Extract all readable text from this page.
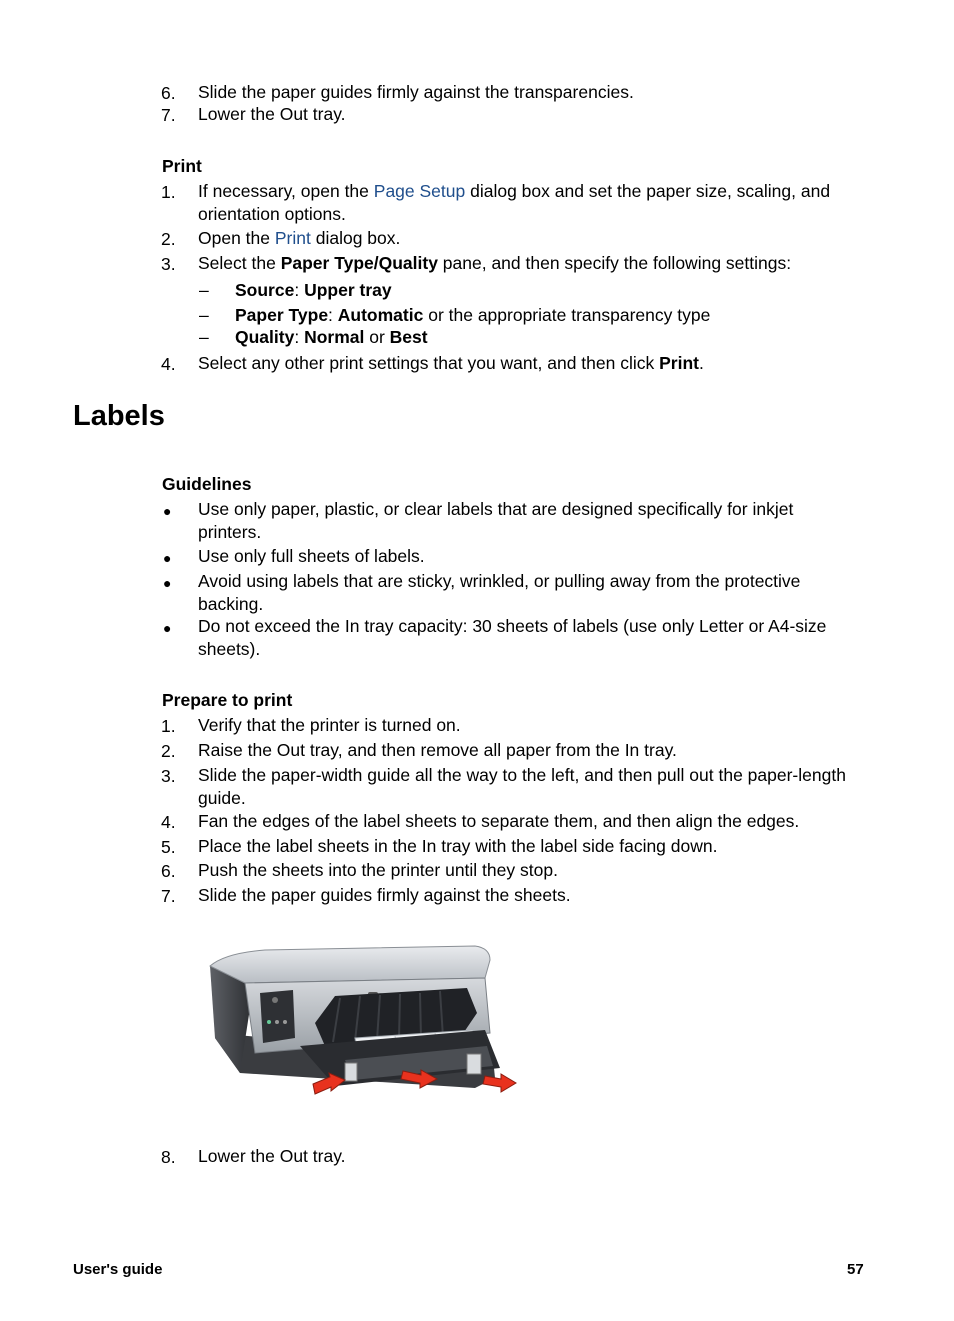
6. Slide the paper guides firmly against the transparencies.
7. Lower the Out tray.
Print
1. If necessary, open the Page Setup dialog box and set the paper size, scaling, and
orientation options.
2. Open the Print dialog box.
3. Select the Paper Type/Quality pane, and then specify the following settings:
– Source: Upper tray
– Paper Type: Automatic or the appropriate transparency type
– Quality: Normal or Best
4. Select any other print settings that you want, and then click Print.
Labels
Guidelines
● Use only paper, plastic, or clear labels that are designed specifically for inkjet
printers.
● Use only full sheets of labels.
● Avoid using labels that are sticky, wrinkled, or pulling away from the protective
backing.
● Do not exceed the In tray capacity: 30 sheets of labels (use only Letter or A4-size
sheets).
Prepare to print
1. Verify that the printer is turned on.
2. Raise the Out tray, and then remove all paper from the In tray.
3. Slide the paper-width guide all the way to the left, and then pull out the paper-length
guide.
4. Fan the edges of the label sheets to separate them, and then align the edges.
5. Place the label sheets in the In tray with the label side facing down.
6. Push the sheets into the printer until they stop.
7. Slide the paper guides firmly against the sheets.
8. Lower the Out tray.
User's guide	57
